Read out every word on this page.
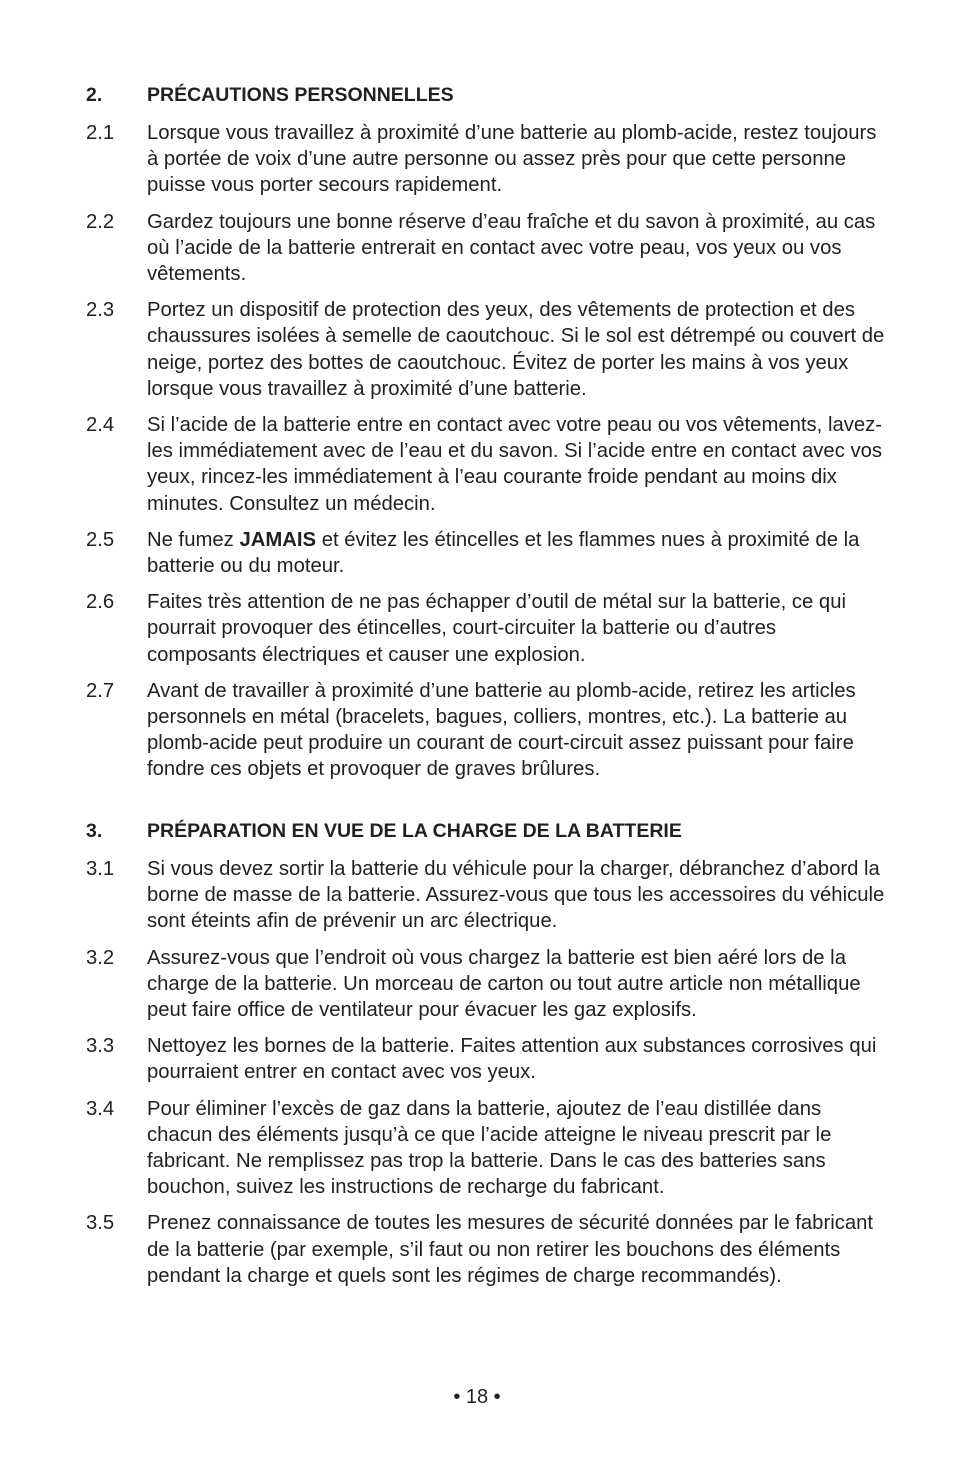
2.	PRÉCAUTIONS PERSONNELLES
2.1	Lorsque vous travaillez à proximité d’une batterie au plomb-acide, restez toujours à portée de voix d’une autre personne ou assez près pour que cette personne puisse vous porter secours rapidement.
2.2	Gardez toujours une bonne réserve d’eau fraîche et du savon à proximité, au cas où l’acide de la batterie entrerait en contact avec votre peau, vos yeux ou vos vêtements.
2.3	Portez un dispositif de protection des yeux, des vêtements de protection et des chaussures isolées à semelle de caoutchouc. Si le sol est détrempé ou couvert de neige, portez des bottes de caoutchouc. Évitez de porter les mains à vos yeux lorsque vous travaillez à proximité d’une batterie.
2.4	Si l’acide de la batterie entre en contact avec votre peau ou vos vêtements, lavez-les immédiatement avec de l’eau et du savon. Si l’acide entre en contact avec vos yeux, rincez-les immédiatement à l’eau courante froide pendant au moins dix minutes. Consultez un médecin.
2.5	Ne fumez JAMAIS et évitez les étincelles et les flammes nues à proximité de la batterie ou du moteur.
2.6	Faites très attention de ne pas échapper d’outil de métal sur la batterie, ce qui pourrait provoquer des étincelles, court-circuiter la batterie ou d’autres composants électriques et causer une explosion.
2.7	Avant de travailler à proximité d’une batterie au plomb-acide, retirez les articles personnels en métal (bracelets, bagues, colliers, montres, etc.). La batterie au plomb-acide peut produire un courant de court-circuit assez puissant pour faire fondre ces objets et provoquer de graves brûlures.
3.	PRÉPARATION EN VUE DE LA CHARGE DE LA BATTERIE
3.1	Si vous devez sortir la batterie du véhicule pour la charger, débranchez d’abord la borne de masse de la batterie. Assurez-vous que tous les accessoires du véhicule sont éteints afin de prévenir un arc électrique.
3.2	Assurez-vous que l’endroit où vous chargez la batterie est bien aéré lors de la charge de la batterie. Un morceau de carton ou tout autre article non métallique peut faire office de ventilateur pour évacuer les gaz explosifs.
3.3	Nettoyez les bornes de la batterie. Faites attention aux substances corrosives qui pourraient entrer en contact avec vos yeux.
3.4	Pour éliminer l’excès de gaz dans la batterie, ajoutez de l’eau distillée dans chacun des éléments jusqu’à ce que l’acide atteigne le niveau prescrit par le fabricant. Ne remplissez pas trop la batterie. Dans le cas des batteries sans bouchon, suivez les instructions de recharge du fabricant.
3.5	Prenez connaissance de toutes les mesures de sécurité données par le fabricant de la batterie (par exemple, s’il faut ou non retirer les bouchons des éléments pendant la charge et quels sont les régimes de charge recommandés).
• 18 •
